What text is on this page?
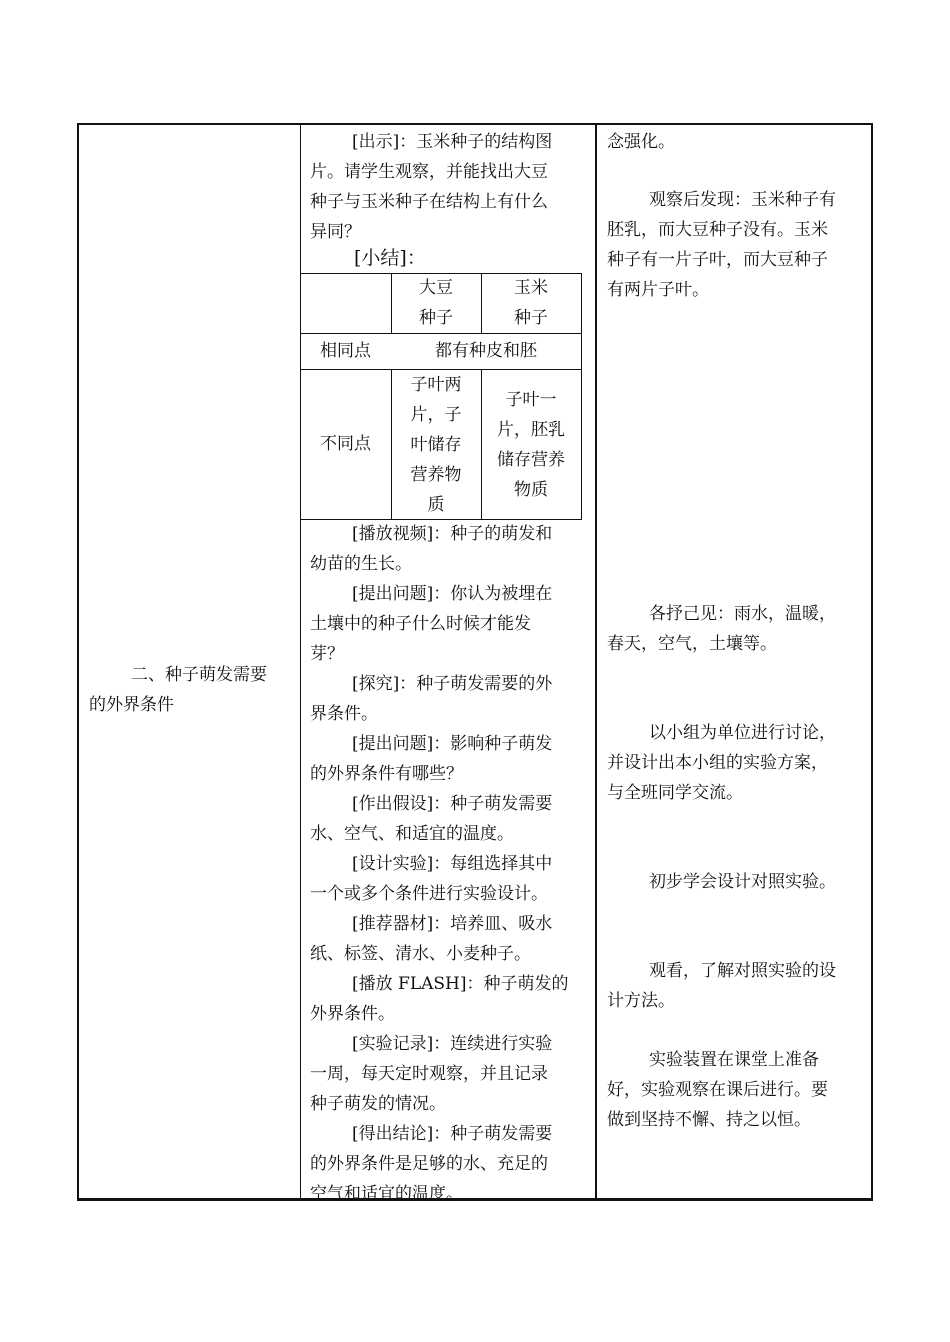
二、种子萌发需要
的外界条件

[出示]：玉米种子的结构图
片。请学生观察，并能找出大豆
种子与玉米种子在结构上有什么
异同？

[小结]：

大豆
种子
玉米
种子
相同点	都有种皮和胚
不同点
子叶两
片，子
叶储存
营养物
质
子叶一
片，胚乳
储存营养
物质

[播放视频]：种子的萌发和
幼苗的生长。
[提出问题]：你认为被埋在
土壤中的种子什么时候才能发
芽？
[探究]：种子萌发需要的外
界条件。
[提出问题]：影响种子萌发
的外界条件有哪些？
[作出假设]：种子萌发需要
水、空气、和适宜的温度。
[设计实验]：每组选择其中
一个或多个条件进行实验设计。
[推荐器材]：培养皿、吸水
纸、标签、清水、小麦种子。
[播放 FLASH]：种子萌发的
外界条件。
[实验记录]：连续进行实验
一周，每天定时观察，并且记录
种子萌发的情况。
[得出结论]：种子萌发需要
的外界条件是足够的水、充足的
空气和适宜的温度。

念强化。

观察后发现：玉米种子有
胚乳，而大豆种子没有。玉米
种子有一片子叶，而大豆种子
有两片子叶。

各抒己见：雨水，温暖，
春天，空气，土壤等。

以小组为单位进行讨论，
并设计出本小组的实验方案，
与全班同学交流。

初步学会设计对照实验。

观看，了解对照实验的设
计方法。

实验装置在课堂上准备
好，实验观察在课后进行。要
做到坚持不懈、持之以恒。
